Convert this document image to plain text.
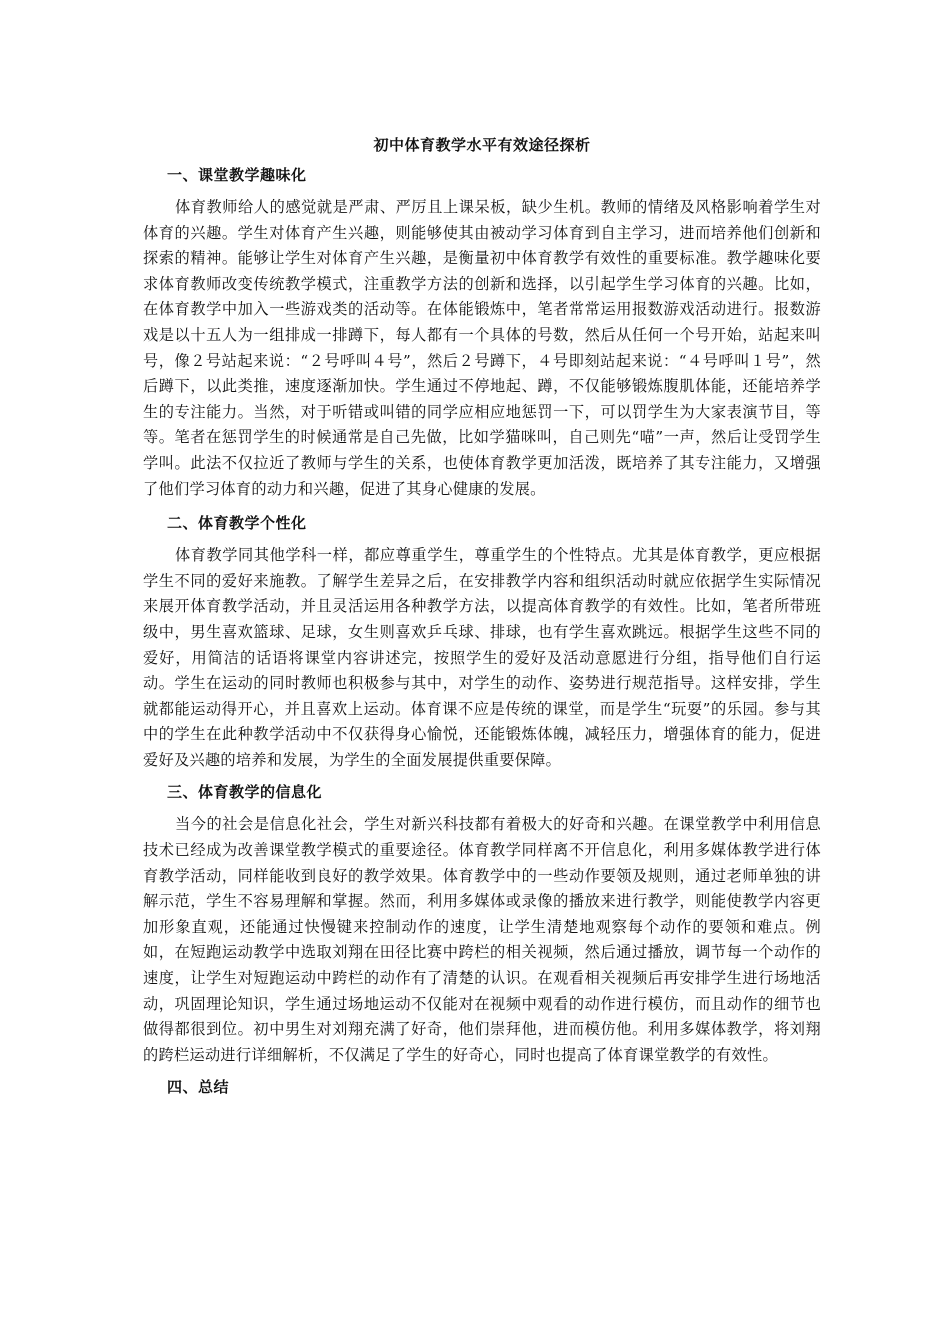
初中体育教学水平有效途径探析
一、课堂教学趣味化
体育教师给人的感觉就是严肃、严厉且上课呆板，缺少生机。教师的情绪及风格影响着学生对体育的兴趣。学生对体育产生兴趣，则能够使其由被动学习体育到自主学习，进而培养他们创新和探索的精神。能够让学生对体育产生兴趣，是衡量初中体育教学有效性的重要标准。教学趣味化要求体育教师改变传统教学模式，注重教学方法的创新和选择，以引起学生学习体育的兴趣。比如，在体育教学中加入一些游戏类的活动等。在体能锻炼中，笔者常常运用报数游戏活动进行。报数游戏是以十五人为一组排成一排蹲下，每人都有一个具体的号数，然后从任何一个号开始，站起来叫号，像２号站起来说：“２号呼叫４号”，然后２号蹲下，４号即刻站起来说：“４号呼叫１号”，然后蹲下，以此类推，速度逐渐加快。学生通过不停地起、蹲，不仅能够锻炼腹肌体能，还能培养学生的专注能力。当然，对于听错或叫错的同学应相应地惩罚一下，可以罚学生为大家表演节目，等等。笔者在惩罚学生的时候通常是自己先做，比如学猫咪叫，自己则先“喵”一声，然后让受罚学生学叫。此法不仅拉近了教师与学生的关系，也使体育教学更加活泼，既培养了其专注能力，又增强了他们学习体育的动力和兴趣，促进了其身心健康的发展。
二、体育教学个性化
体育教学同其他学科一样，都应尊重学生，尊重学生的个性特点。尤其是体育教学，更应根据学生不同的爱好来施教。了解学生差异之后，在安排教学内容和组织活动时就应依据学生实际情况来展开体育教学活动，并且灵活运用各种教学方法，以提高体育教学的有效性。比如，笔者所带班级中，男生喜欢篮球、足球，女生则喜欢乒乓球、排球，也有学生喜欢跳远。根据学生这些不同的爱好，用简洁的话语将课堂内容讲述完，按照学生的爱好及活动意愿进行分组，指导他们自行运动。学生在运动的同时教师也积极参与其中，对学生的动作、姿势进行规范指导。这样安排，学生就都能运动得开心，并且喜欢上运动。体育课不应是传统的课堂，而是学生“玩耍”的乐园。参与其中的学生在此种教学活动中不仅获得身心愉悦，还能锻炼体魄，减轻压力，增强体育的能力，促进爱好及兴趣的培养和发展，为学生的全面发展提供重要保障。
三、体育教学的信息化
当今的社会是信息化社会，学生对新兴科技都有着极大的好奇和兴趣。在课堂教学中利用信息技术已经成为改善课堂教学模式的重要途径。体育教学同样离不开信息化，利用多媒体教学进行体育教学活动，同样能收到良好的教学效果。体育教学中的一些动作要领及规则，通过老师单独的讲解示范，学生不容易理解和掌握。然而，利用多媒体或录像的播放来进行教学，则能使教学内容更加形象直观，还能通过快慢键来控制动作的速度，让学生清楚地观察每个动作的要领和难点。例如，在短跑运动教学中选取刘翔在田径比赛中跨栏的相关视频，然后通过播放，调节每一个动作的速度，让学生对短跑运动中跨栏的动作有了清楚的认识。在观看相关视频后再安排学生进行场地活动，巩固理论知识，学生通过场地运动不仅能对在视频中观看的动作进行模仿，而且动作的细节也做得都很到位。初中男生对刘翔充满了好奇，他们崇拜他，进而模仿他。利用多媒体教学，将刘翔的跨栏运动进行详细解析，不仅满足了学生的好奇心，同时也提高了体育课堂教学的有效性。
四、总结
